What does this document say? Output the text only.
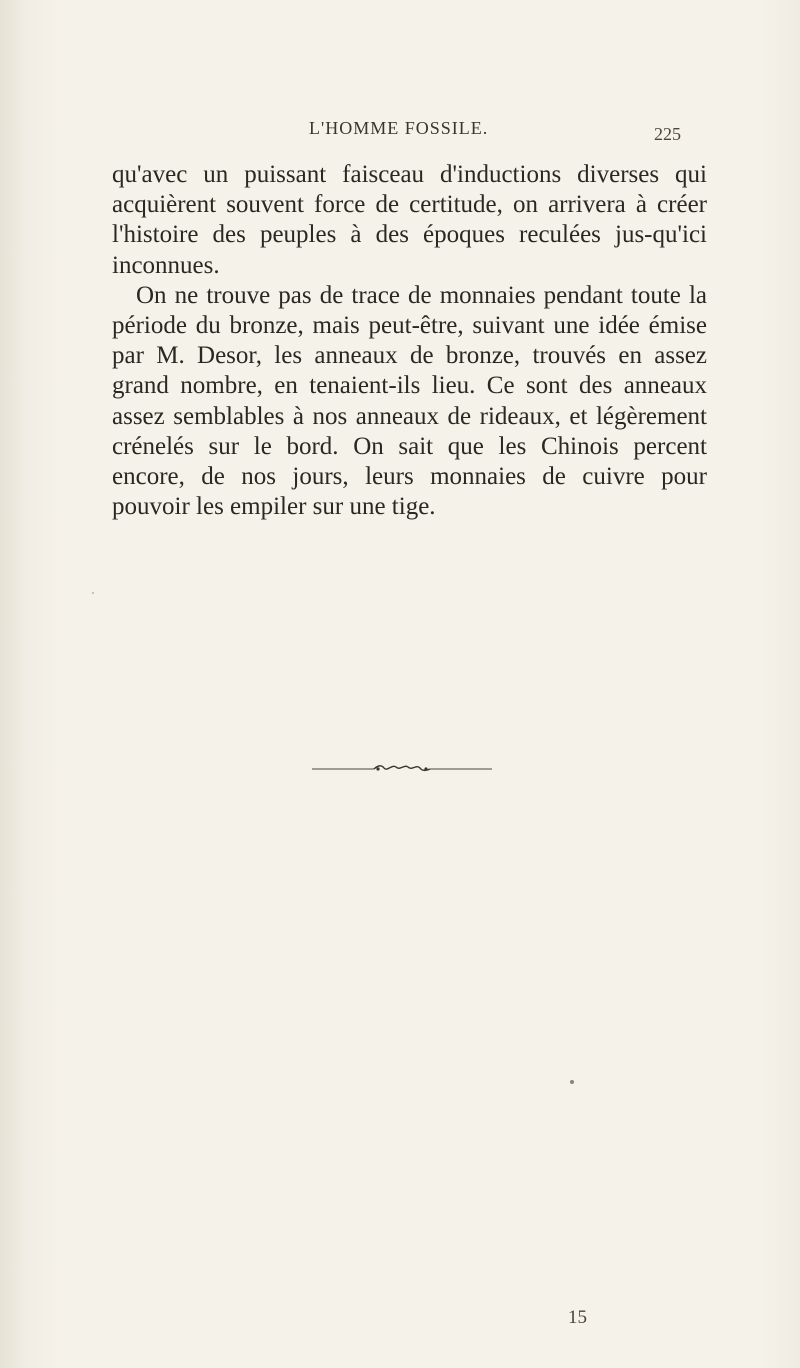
L'HOMME FOSSILE.	225

qu'avec un puissant faisceau d'inductions diverses qui acquièrent souvent force de certitude, on arrivera à créer l'histoire des peuples à des époques reculées jus-qu'ici inconnues.

On ne trouve pas de trace de monnaies pendant toute la période du bronze, mais peut-être, suivant une idée émise par M. Desor, les anneaux de bronze, trouvés en assez grand nombre, en tenaient-ils lieu. Ce sont des anneaux assez semblables à nos anneaux de rideaux, et légèrement crénelés sur le bord. On sait que les Chinois percent encore, de nos jours, leurs monnaies de cuivre pour pouvoir les empiler sur une tige.

15
